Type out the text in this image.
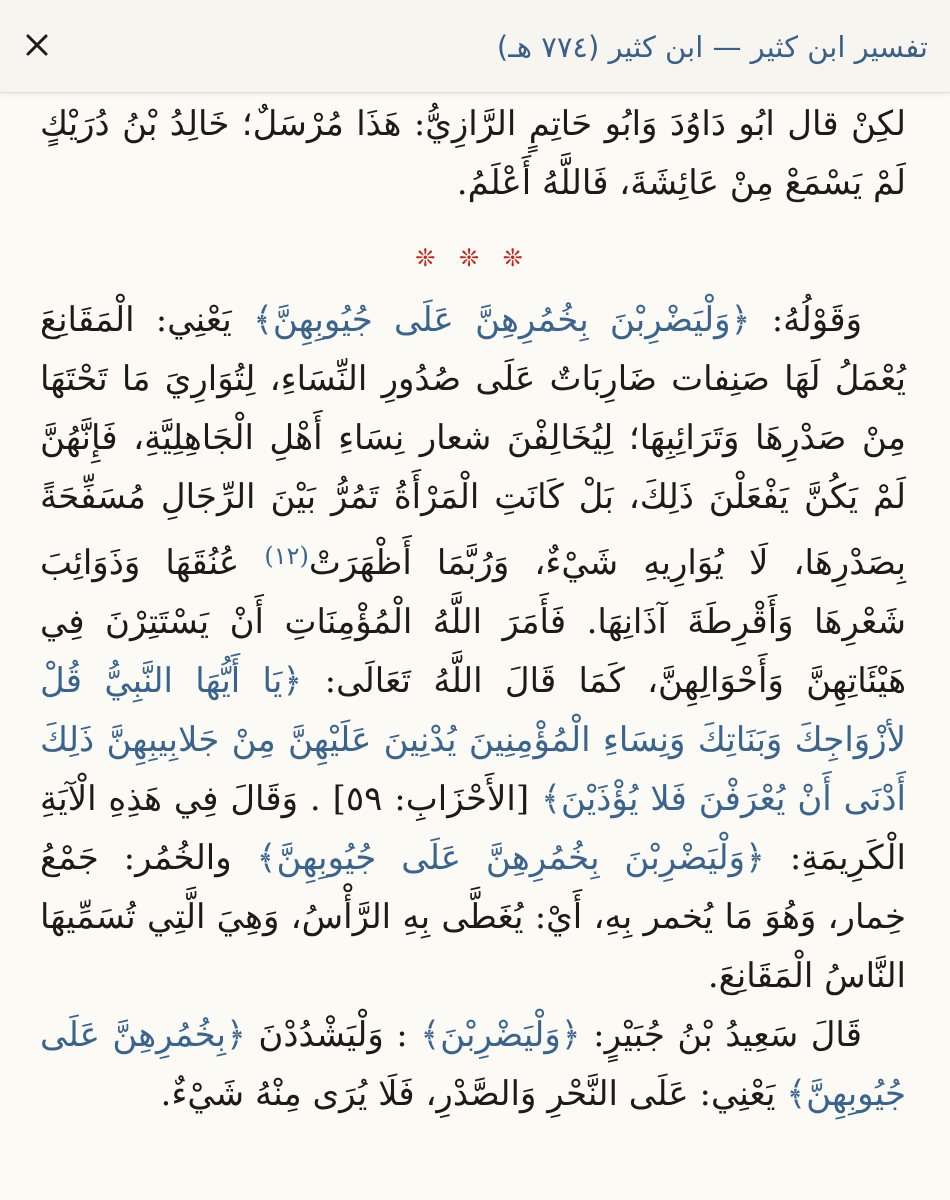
تفسير ابن كثير — ابن كثير (٧٧٤ هـ)

لكِنْ قال ابُو دَاوُدَ وَابُو حَاتِمٍ الرَّازِيُّ: هَذَا مُرْسَلٌ؛ خَالِدُ بْنُ دُرَيْكٍ لَمْ يَسْمَعْ مِنْ عَائِشَةَ، فَاللَّهُ أَعْلَمُ.

❊ ❊ ❊

وَقَوْلُهُ: ﴿وَلْيَضْرِبْنَ بِخُمُرِهِنَّ عَلَى جُيُوبِهِنَّ﴾ يَعْنِي: الْمَقَانِعَ يُعْمَلُ لَهَا صَنِفات ضَارِبَاتٌ عَلَى صُدُورِ النِّسَاءِ، لِتُوَارِيَ مَا تَحْتَهَا مِنْ صَدْرِهَا وَتَرَائِبِهَا؛ لِيُخَالِفْنَ شعار نِسَاءِ أَهْلِ الْجَاهِلِيَّةِ، فَإِنَّهُنَّ لَمْ يَكُنَّ يَفْعَلْنَ ذَلِكَ، بَلْ كَانَتِ الْمَرْأَةُ تَمُرُّ بَيْنَ الرِّجَالِ مُسَفِّحَةً بِصَدْرِهَا، لَا يُوَارِيهِ شَيْءٌ، وَرُبَّمَا أَظْهَرَتْ$^{(١٢)}$ عُنُقَهَا وَذَوَائِبَ شَعْرِهَا وَأَقْرِطَةَ آذَانِهَا. فَأَمَرَ اللَّهُ الْمُؤْمِنَاتِ أَنْ يَسْتَتِرْنَ فِي هَيْئَاتِهِنَّ وَأَحْوَالِهِنَّ، كَمَا قَالَ اللَّهُ تَعَالَى: ﴿يَا أَيُّهَا النَّبِيُّ قُلْ لأزْوَاجِكَ وَبَنَاتِكَ وَنِسَاءِ الْمُؤْمِنِينَ يُدْنِينَ عَلَيْهِنَّ مِنْ جَلابِيبِهِنَّ ذَلِكَ أَدْنَى أَنْ يُعْرَفْنَ فَلا يُؤْذَيْنَ﴾ [الأَحْزَابِ: ٥٩] . وَقَالَ فِي هَذِهِ الْآيَةِ الْكَرِيمَةِ: ﴿وَلْيَضْرِبْنَ بِخُمُرِهِنَّ عَلَى جُيُوبِهِنَّ﴾ والخُمُر: جَمْعُ خِمار، وَهُوَ مَا يُخمر بِهِ، أَيْ: يُغَطَّى بِهِ الرَّأْسُ، وَهِيَ الَّتِي تُسَمِّيهَا النَّاسُ الْمَقَانِعَ.

قَالَ سَعِيدُ بْنُ جُبَيْرٍ: ﴿وَلْيَضْرِبْنَ﴾ : وَلْيَشْدُدْنَ ﴿بِخُمُرِهِنَّ عَلَى جُيُوبِهِنَّ﴾ يَعْنِي: عَلَى النَّحْرِ وَالصَّدْرِ، فَلَا يُرَى مِنْهُ شَيْءٌ.
